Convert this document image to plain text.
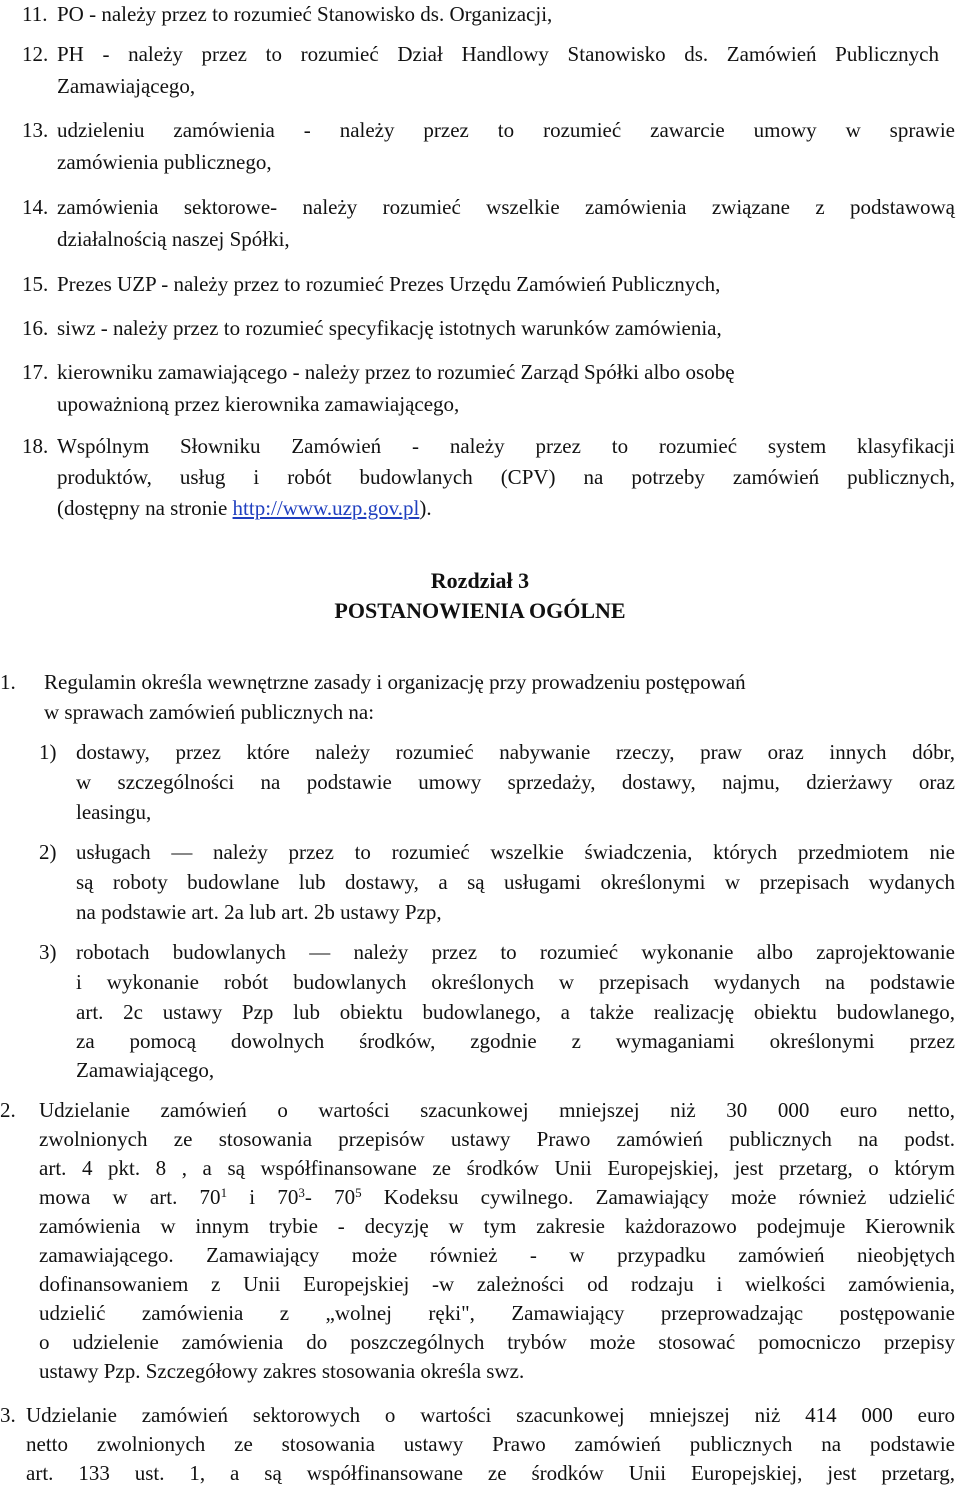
11. PO - należy przez to rozumieć Stanowisko ds. Organizacji,
12. PH - należy przez to rozumieć Dział Handlowy Stanowisko ds. Zamówień Publicznych
Zamawiającego,
13. udzieleniu zamówienia - należy przez to rozumieć zawarcie umowy w sprawie
zamówienia publicznego,
14. zamówienia sektorowe- należy rozumieć wszelkie zamówienia związane z podstawową
działalnością naszej Spółki,
15. Prezes UZP - należy przez to rozumieć Prezes Urzędu Zamówień Publicznych,
16. siwz - należy przez to rozumieć specyfikację istotnych warunków zamówienia,
17. kierowniku zamawiającego - należy przez to rozumieć Zarząd Spółki albo osobę
upoważnioną przez kierownika zamawiającego,
18. Wspólnym Słowniku Zamówień - należy przez to rozumieć system klasyfikacji
produktów, usług i robót budowlanych (CPV) na potrzeby zamówień publicznych,
(dostępny na stronie http://www.uzp.gov.pl).
Rozdział 3
POSTANOWIENIA OGÓLNE
1. Regulamin określa wewnętrzne zasady i organizację przy prowadzeniu postępowań
w sprawach zamówień publicznych na:
1) dostawy, przez które należy rozumieć nabywanie rzeczy, praw oraz innych dóbr,
w szczególności na podstawie umowy sprzedaży, dostawy, najmu, dzierżawy oraz
leasingu,
2) usługach — należy przez to rozumieć wszelkie świadczenia, których przedmiotem nie
są roboty budowlane lub dostawy, a są usługami określonymi w przepisach wydanych
na podstawie art. 2a lub art. 2b ustawy Pzp,
3) robotach budowlanych — należy przez to rozumieć wykonanie albo zaprojektowanie
i wykonanie robót budowlanych określonych w przepisach wydanych na podstawie
art. 2c ustawy Pzp lub obiektu budowlanego, a także realizację obiektu budowlanego,
za pomocą dowolnych środków, zgodnie z wymaganiami określonymi przez
Zamawiającego,
2. Udzielanie zamówień o wartości szacunkowej mniejszej niż 30 000 euro netto,
zwolnionych ze stosowania przepisów ustawy Prawo zamówień publicznych na podst.
art. 4 pkt. 8 , a są współfinansowane ze środków Unii Europejskiej, jest przetarg, o którym
mowa w art. $70^1$ i $70^3-$ $70^5$ Kodeksu cywilnego. Zamawiający może również udzielić
zamówienia w innym trybie - decyzję w tym zakresie każdorazowo podejmuje Kierownik
zamawiającego. Zamawiający może również - w przypadku zamówień nieobjętych
dofinansowaniem z Unii Europejskiej -w zależności od rodzaju i wielkości zamówienia,
udzielić zamówienia z „wolnej ręki", Zamawiający przeprowadzając postępowanie
o udzielenie zamówienia do poszczególnych trybów może stosować pomocniczo przepisy
ustawy Pzp. Szczegółowy zakres stosowania określa swz.
3. Udzielanie zamówień sektorowych o wartości szacunkowej mniejszej niż 414 000 euro
netto zwolnionych ze stosowania ustawy Prawo zamówień publicznych na podstawie
art. 133 ust. 1, a są współfinansowane ze środków Unii Europejskiej, jest przetarg,
